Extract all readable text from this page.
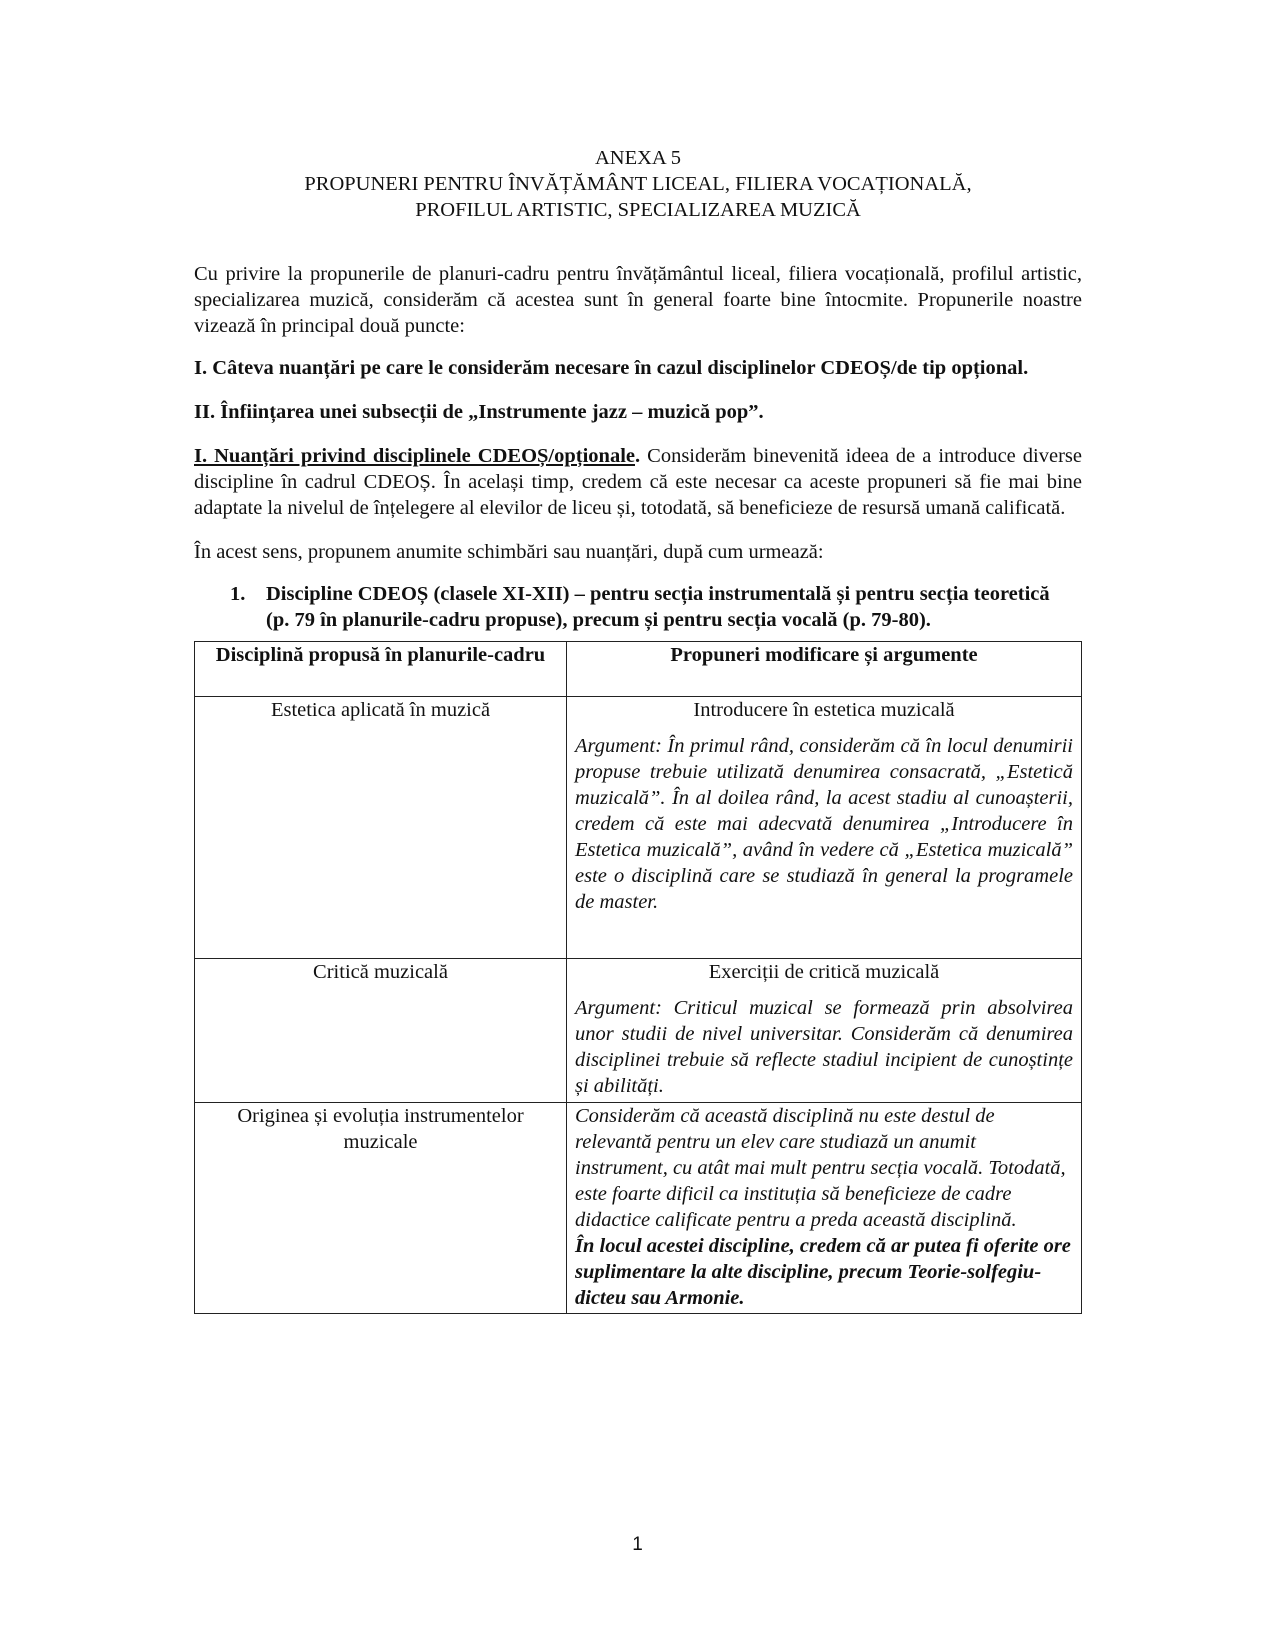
ANEXA 5

PROPUNERI PENTRU ÎNVĂȚĂMÂNT LICEAL, FILIERA VOCAȚIONALĂ,

PROFILUL ARTISTIC, SPECIALIZAREA MUZICĂ

Cu privire la propunerile de planuri-cadru pentru învățământul liceal, filiera vocațională, profilul artistic, specializarea muzică, considerăm că acestea sunt în general foarte bine întocmite. Propunerile noastre vizează în principal două puncte:

I. Câteva nuanțări pe care le considerăm necesare în cazul disciplinelor CDEOȘ/de tip opțional.

II. Înființarea unei subsecții de „Instrumente jazz – muzică pop”.

I. Nuanțări privind disciplinele CDEOȘ/opționale. Considerăm binevenită ideea de a introduce diverse discipline în cadrul CDEOȘ. În același timp, credem că este necesar ca aceste propuneri să fie mai bine adaptate la nivelul de înțelegere al elevilor de liceu și, totodată, să beneficieze de resursă umană calificată.

În acest sens, propunem anumite schimbări sau nuanțări, după cum urmează:

1.	Discipline CDEOȘ (clasele XI-XII) – pentru secția instrumentală și pentru secția teoretică (p. 79 în planurile-cadru propuse), precum și pentru secția vocală (p. 79-80).
Disciplină propusă în planurile-cadru	Propuneri modificare și argumente
Estetica aplicată în muzică	Introducere în estetica muzicală

Argument: În primul rând, considerăm că în locul denumirii propuse trebuie utilizată denumirea consacrată, „Estetică muzicală”. În al doilea rând, la acest stadiu al cunoașterii, credem că este mai adecvată denumirea „Introducere în Estetica muzicală”, având în vedere că „Estetica muzicală” este o disciplină care se studiază în general la programele de master.

Critică muzicală	Exerciții de critică muzicală

Argument: Criticul muzical se formează prin absolvirea unor studii de nivel universitar. Considerăm că denumirea disciplinei trebuie să reflecte stadiul incipient de cunoștințe și abilități.

Originea și evoluția instrumentelor muzicale	Considerăm că această disciplină nu este destul de relevantă pentru un elev care studiază un anumit instrument, cu atât mai mult pentru secția vocală. Totodată, este foarte dificil ca instituția să beneficieze de cadre didactice calificate pentru a preda această disciplină.

În locul acestei discipline, credem că ar putea fi oferite ore suplimentare la alte discipline, precum Teorie-solfegiu-dicteu sau Armonie.

1
